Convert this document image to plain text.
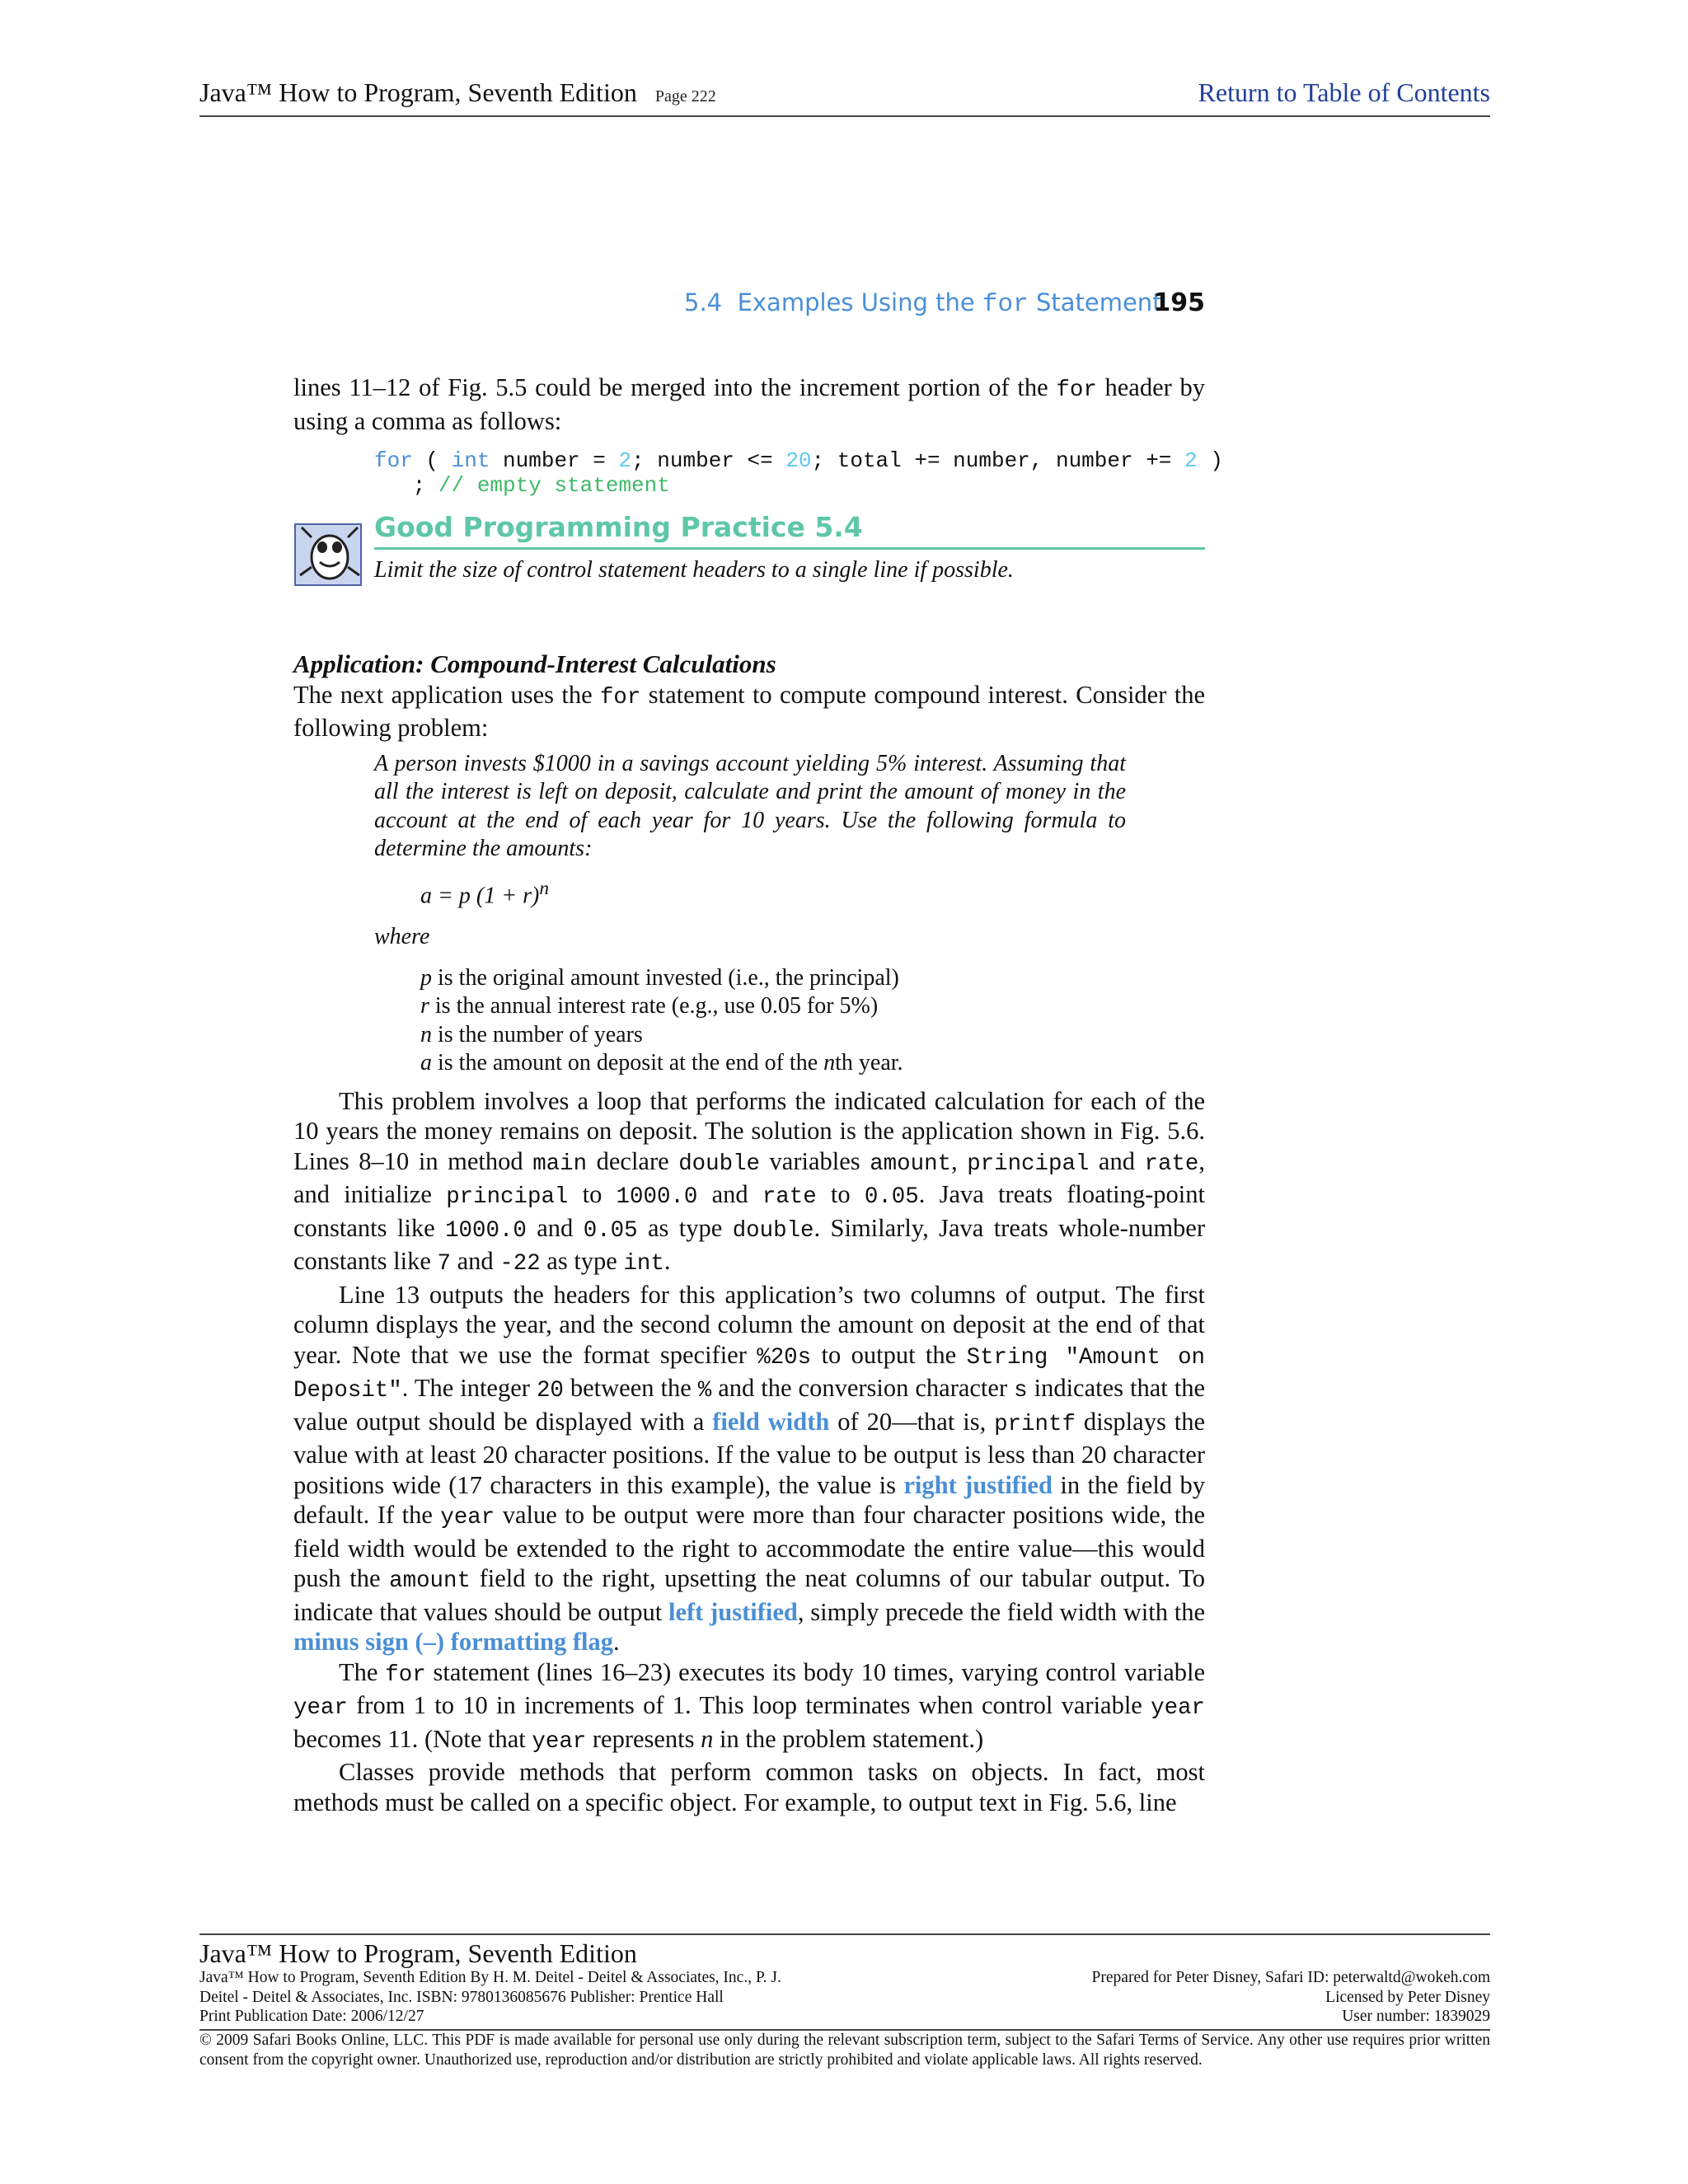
Java™ How to Program, Seventh Edition Page 222	Return to Table of Contents
5.4 Examples Using the for Statement
195

lines 11–12 of Fig. 5.5 could be merged into the increment portion of the for header by using a comma as follows:

for ( int number = 2; number <= 20; total += number, number += 2 )
; // empty statement
Good Programming Practice 5.4
Limit the size of control statement headers to a single line if possible.
Application: Compound-Interest Calculations

The next application uses the for statement to compute compound interest. Consider the following problem:

A person invests $1000 in a savings account yielding 5% interest. Assuming that all the interest is left on deposit, calculate and print the amount of money in the account at the end of each year for 10 years. Use the following formula to determine the amounts:
a = p $(1 + r)^n$
where
p is the original amount invested (i.e., the principal)
r is the annual interest rate (e.g., use 0.05 for 5%)
n is the number of years
a is the amount on deposit at the end of the nth year.

This problem involves a loop that performs the indicated calculation for each of the 10 years the money remains on deposit. The solution is the application shown in Fig. 5.6. Lines 8–10 in method main declare double variables amount, principal and rate, and initialize principal to 1000.0 and rate to 0.05. Java treats floating-point constants like 1000.0 and 0.05 as type double. Similarly, Java treats whole-number constants like 7 and -22 as type int.

Line 13 outputs the headers for this application’s two columns of output. The first column displays the year, and the second column the amount on deposit at the end of that year. Note that we use the format specifier %20s to output the String "Amount on Deposit". The integer 20 between the % and the conversion character s indicates that the value output should be displayed with a field width of 20—that is, printf displays the value with at least 20 character positions. If the value to be output is less than 20 character positions wide (17 characters in this example), the value is right justified in the field by default. If the year value to be output were more than four character positions wide, the field width would be extended to the right to accommodate the entire value—this would push the amount field to the right, upsetting the neat columns of our tabular output. To indicate that values should be output left justified, simply precede the field width with the minus sign (–) formatting flag.

The for statement (lines 16–23) executes its body 10 times, varying control variable year from 1 to 10 in increments of 1. This loop terminates when control variable year becomes 11. (Note that year represents n in the problem statement.)

Classes provide methods that perform common tasks on objects. In fact, most methods must be called on a specific object. For example, to output text in Fig. 5.6, line

Java™ How to Program, Seventh Edition
Java™ How to Program, Seventh Edition By H. M. Deitel - Deitel & Associates, Inc., P. J.
Deitel - Deitel & Associates, Inc. ISBN: 9780136085676 Publisher: Prentice Hall
Print Publication Date: 2006/12/27
Prepared for Peter Disney, Safari ID: peterwaltd@wokeh.com
Licensed by Peter Disney
User number: 1839029
© 2009 Safari Books Online, LLC. This PDF is made available for personal use only during the relevant subscription term, subject to the Safari Terms of Service. Any other use requires prior written consent from the copyright owner. Unauthorized use, reproduction and/or distribution are strictly prohibited and violate applicable laws. All rights reserved.
